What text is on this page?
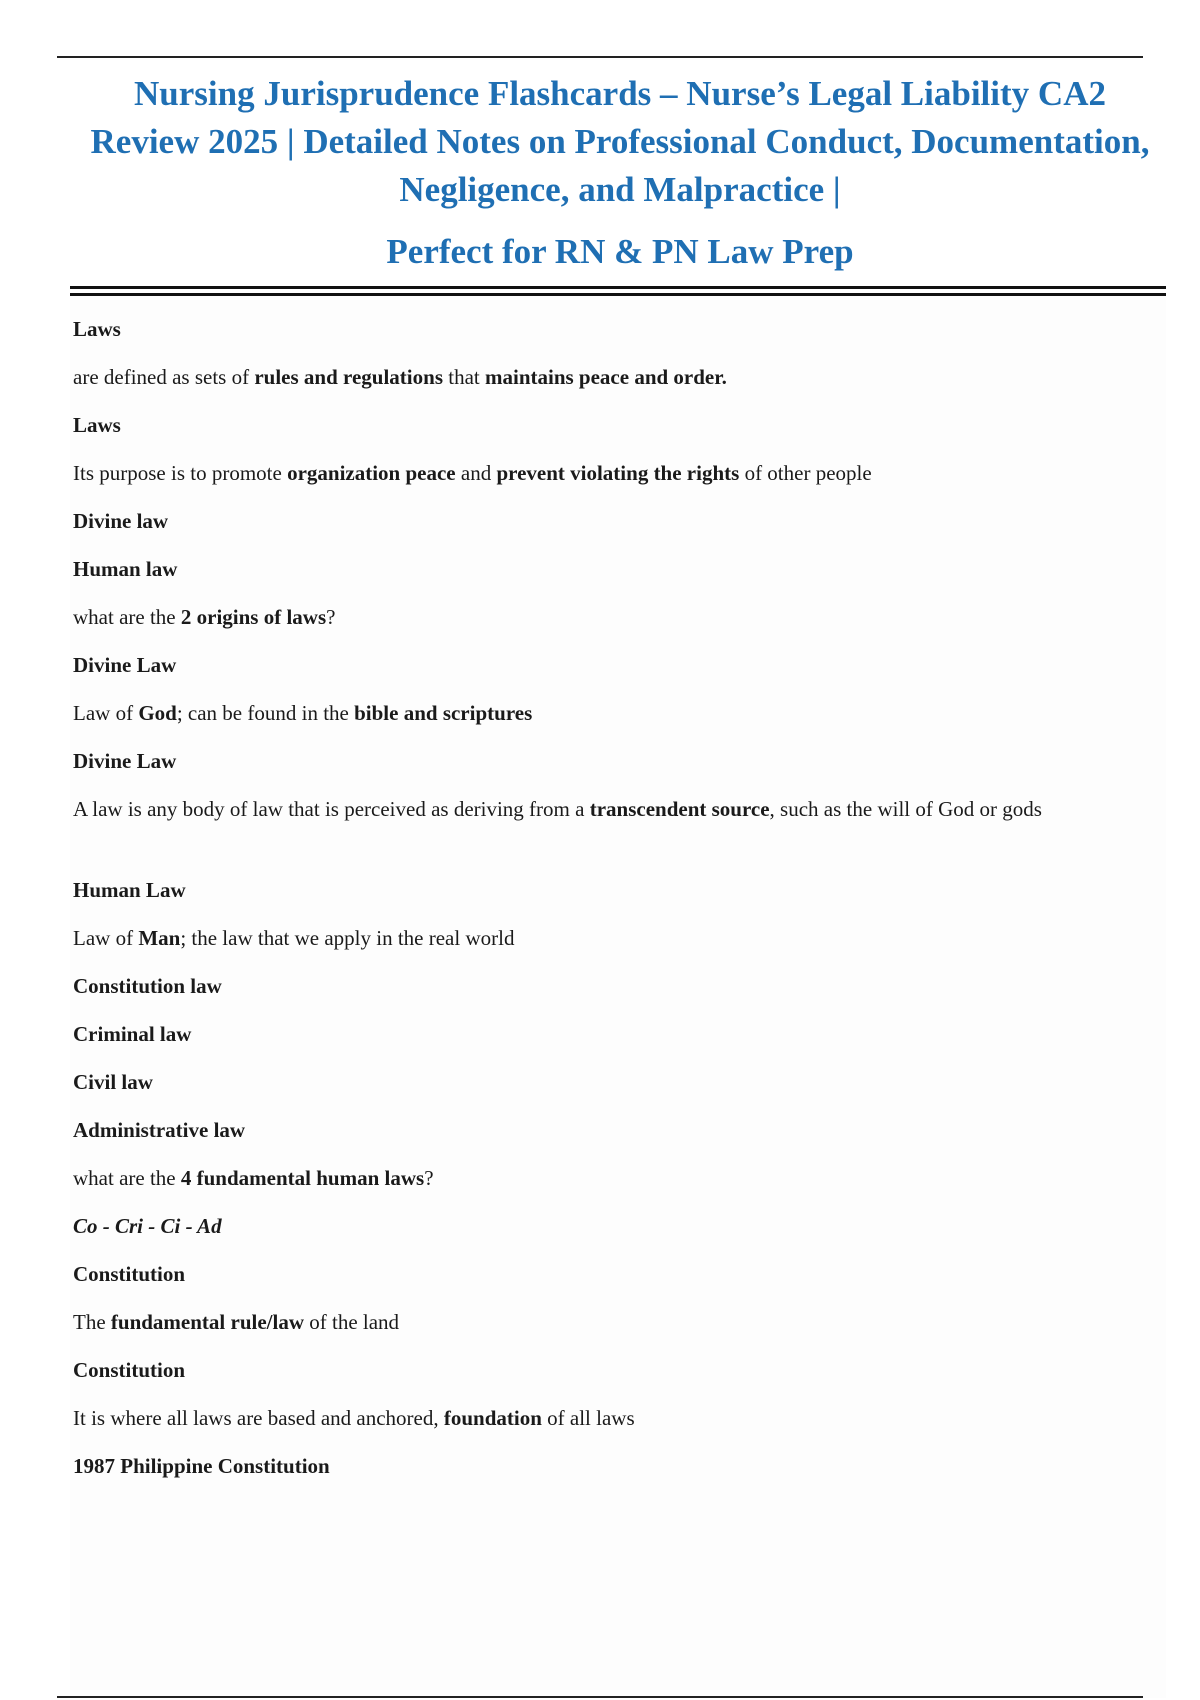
Nursing Jurisprudence Flashcards – Nurse’s Legal Liability CA2 Review 2025 | Detailed Notes on Professional Conduct, Documentation, Negligence, and Malpractice |
Perfect for RN & PN Law Prep
Laws
are defined as sets of rules and regulations that maintains peace and order.
Laws
Its purpose is to promote organization peace and prevent violating the rights of other people
Divine law
Human law
what are the 2 origins of laws?
Divine Law
Law of God; can be found in the bible and scriptures
Divine Law
A law is any body of law that is perceived as deriving from a transcendent source, such as the will of God or gods
Human Law
Law of Man; the law that we apply in the real world
Constitution law
Criminal law
Civil law
Administrative law
what are the 4 fundamental human laws?
Co - Cri - Ci - Ad
Constitution
The fundamental rule/law of the land
Constitution
It is where all laws are based and anchored, foundation of all laws
1987 Philippine Constitution
